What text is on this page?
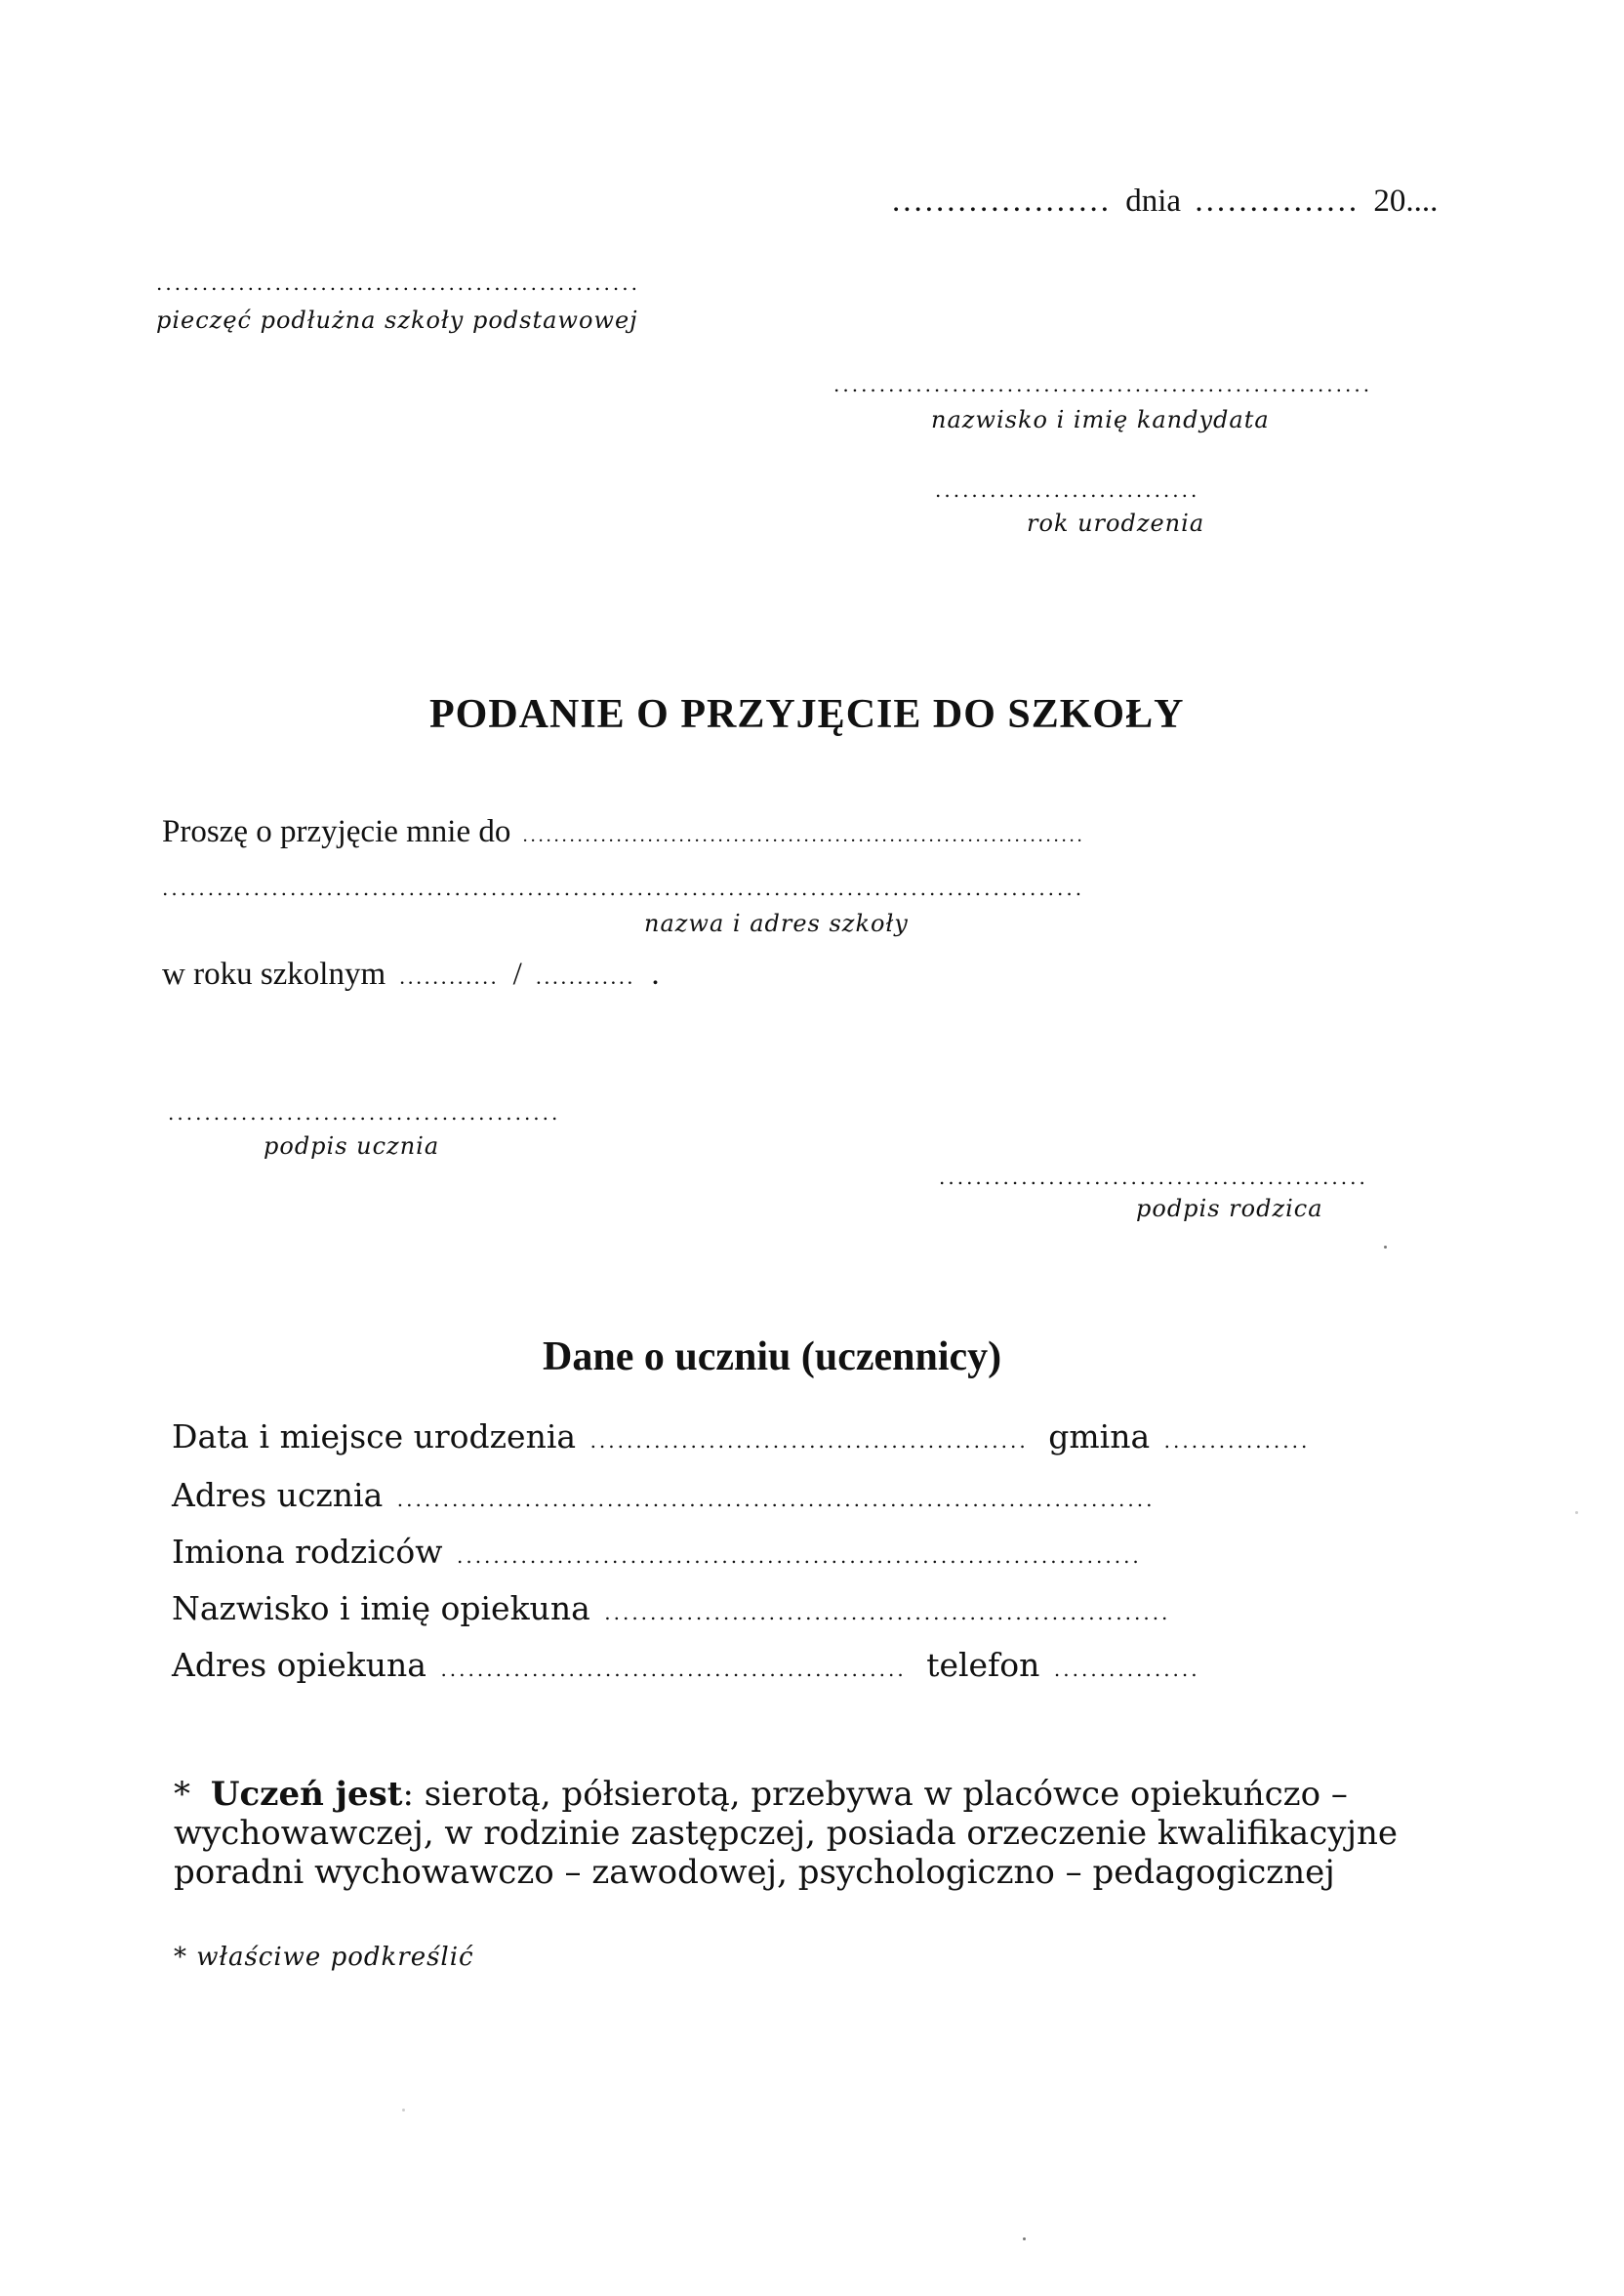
.................... dnia ............... 20....
.....................................................
pieczęć podłużna szkoły podstawowej
...........................................................
nazwisko i imię kandydata
.............................
rok urodzenia
PODANIE O PRZYJĘCIE DO SZKOŁY
Proszę o przyjęcie mnie do ........................................................................
.....................................................................................................
nazwa i adres szkoły
w roku szkolnym ............ / ............ .
...........................................
podpis ucznia
...............................................
podpis rodzica
Dane o uczniu (uczennicy)
Data i miejsce urodzenia ................................................ gmina ................
Adres ucznia ...................................................................................
Imiona rodziców ...........................................................................
Nazwisko i imię opiekuna ..............................................................
Adres opiekuna ................................................... telefon ................
* Uczeń jest: sierotą, półsierotą, przebywa w placówce opiekuńczo –
wychowawczej, w rodzinie zastępczej, posiada orzeczenie kwalifikacyjne
poradni wychowawczo – zawodowej, psychologiczno – pedagogicznej
* właściwe podkreślić
